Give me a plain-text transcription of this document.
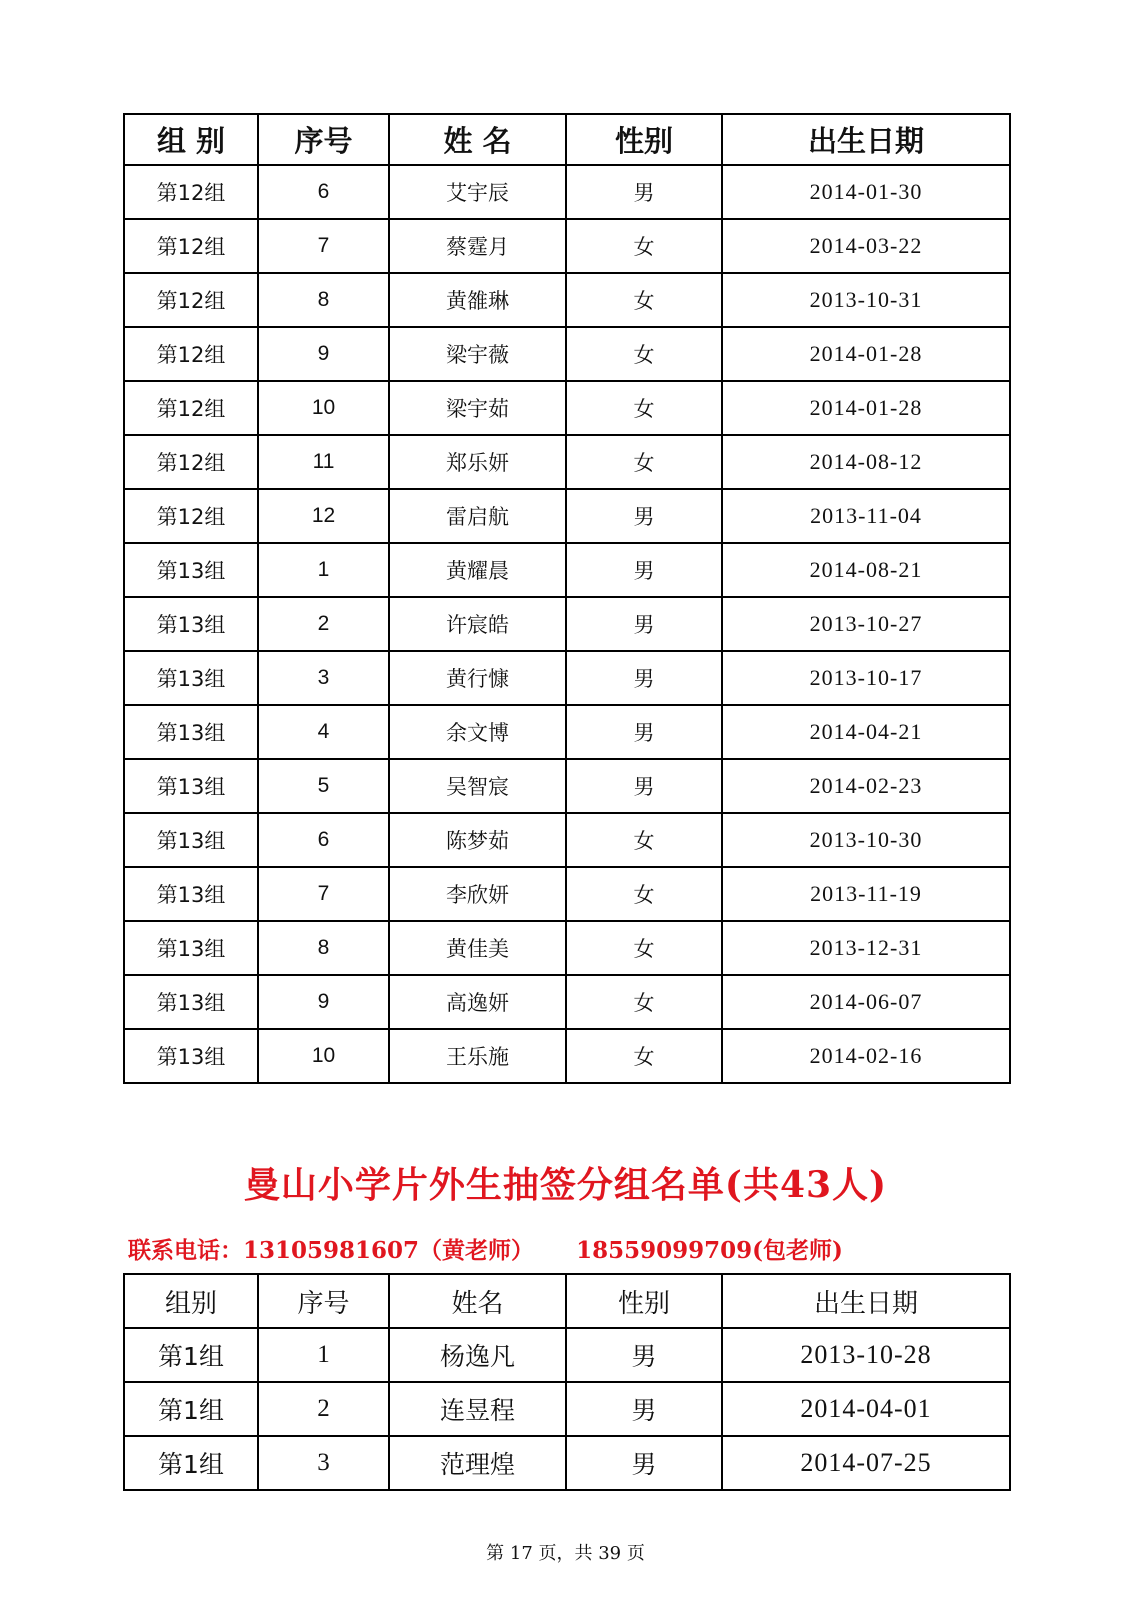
组 别	序号	姓 名	性别	出生日期
第12组	6	艾宇辰	男	2014-01-30
第12组	7	蔡霆月	女	2014-03-22
第12组	8	黄雒琳	女	2013-10-31
第12组	9	梁宇薇	女	2014-01-28
第12组	10	梁宇茹	女	2014-01-28
第12组	11	郑乐妍	女	2014-08-12
第12组	12	雷启航	男	2013-11-04
第13组	1	黄耀晨	男	2014-08-21
第13组	2	许宸皓	男	2013-10-27
第13组	3	黄行慷	男	2013-10-17
第13组	4	余文博	男	2014-04-21
第13组	5	吴智宸	男	2014-02-23
第13组	6	陈梦茹	女	2013-10-30
第13组	7	李欣妍	女	2013-11-19
第13组	8	黄佳美	女	2013-12-31
第13组	9	高逸妍	女	2014-06-07
第13组	10	王乐施	女	2014-02-16
曼山小学片外生抽签分组名单(共43人)
联系电话：13105981607（黄老师） 18559099709(包老师)
组别	序号	姓名	性别	出生日期
第1组	1	杨逸凡	男	2013-10-28
第1组	2	连昱程	男	2014-04-01
第1组	3	范理煌	男	2014-07-25
第 17 页，共 39 页
